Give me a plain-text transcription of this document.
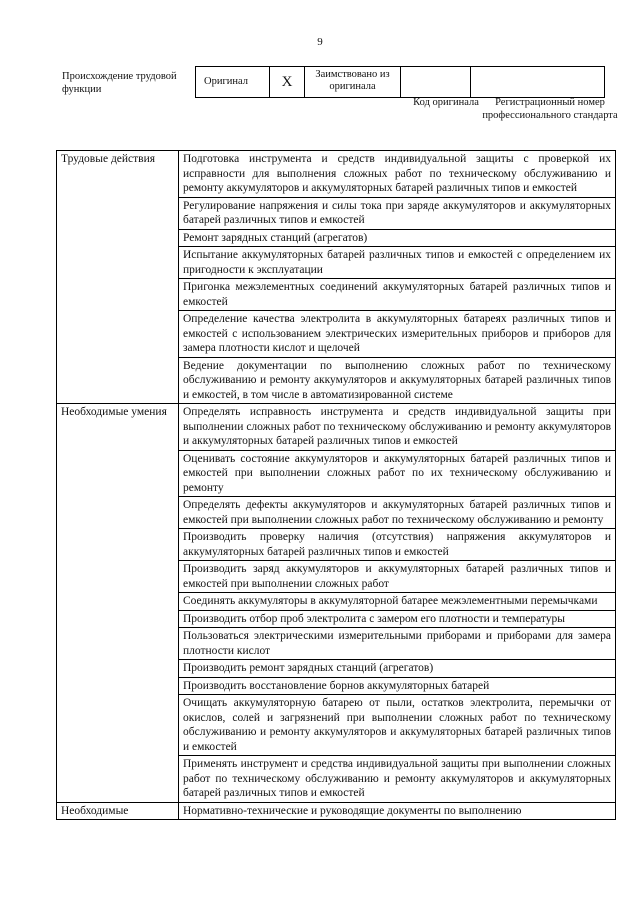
9
Происхождение трудовой функции
Оригинал	X	Заимствовано из оригинала
Код оригинала	Регистрационный номер профессионального стандарта
Трудовые действия	Подготовка инструмента и средств индивидуальной защиты с проверкой их исправности для выполнения сложных работ по техническому обслуживанию и ремонту аккумуляторов и аккумуляторных батарей различных типов и емкостей
	Регулирование напряжения и силы тока при заряде аккумуляторов и аккумуляторных батарей различных типов и емкостей
	Ремонт зарядных станций (агрегатов)
	Испытание аккумуляторных батарей различных типов и емкостей с определением их пригодности к эксплуатации
	Пригонка межэлементных соединений аккумуляторных батарей различных типов и емкостей
	Определение качества электролита в аккумуляторных батареях различных типов и емкостей с использованием электрических измерительных приборов и приборов для замера плотности кислот и щелочей
	Ведение документации по выполнению сложных работ по техническому обслуживанию и ремонту аккумуляторов и аккумуляторных батарей различных типов и емкостей, в том числе в автоматизированной системе
Необходимые умения	Определять исправность инструмента и средств индивидуальной защиты при выполнении сложных работ по техническому обслуживанию и ремонту аккумуляторов и аккумуляторных батарей различных типов и емкостей
	Оценивать состояние аккумуляторов и аккумуляторных батарей различных типов и емкостей при выполнении сложных работ по их техническому обслуживанию и ремонту
	Определять дефекты аккумуляторов и аккумуляторных батарей различных типов и емкостей при выполнении сложных работ по техническому обслуживанию и ремонту
	Производить проверку наличия (отсутствия) напряжения аккумуляторов и аккумуляторных батарей различных типов и емкостей
	Производить заряд аккумуляторов и аккумуляторных батарей различных типов и емкостей при выполнении сложных работ
	Соединять аккумуляторы в аккумуляторной батарее межэлементными перемычками
	Производить отбор проб электролита с замером его плотности и температуры
	Пользоваться электрическими измерительными приборами и приборами для замера плотности кислот
	Производить ремонт зарядных станций (агрегатов)
	Производить восстановление борнов аккумуляторных батарей
	Очищать аккумуляторную батарею от пыли, остатков электролита, перемычки от окислов, солей и загрязнений при выполнении сложных работ по техническому обслуживанию и ремонту аккумуляторов и аккумуляторных батарей различных типов и емкостей
	Применять инструмент и средства индивидуальной защиты при выполнении сложных работ по техническому обслуживанию и ремонту аккумуляторов и аккумуляторных батарей различных типов и емкостей
Необходимые	Нормативно-технические и руководящие документы по выполнению
